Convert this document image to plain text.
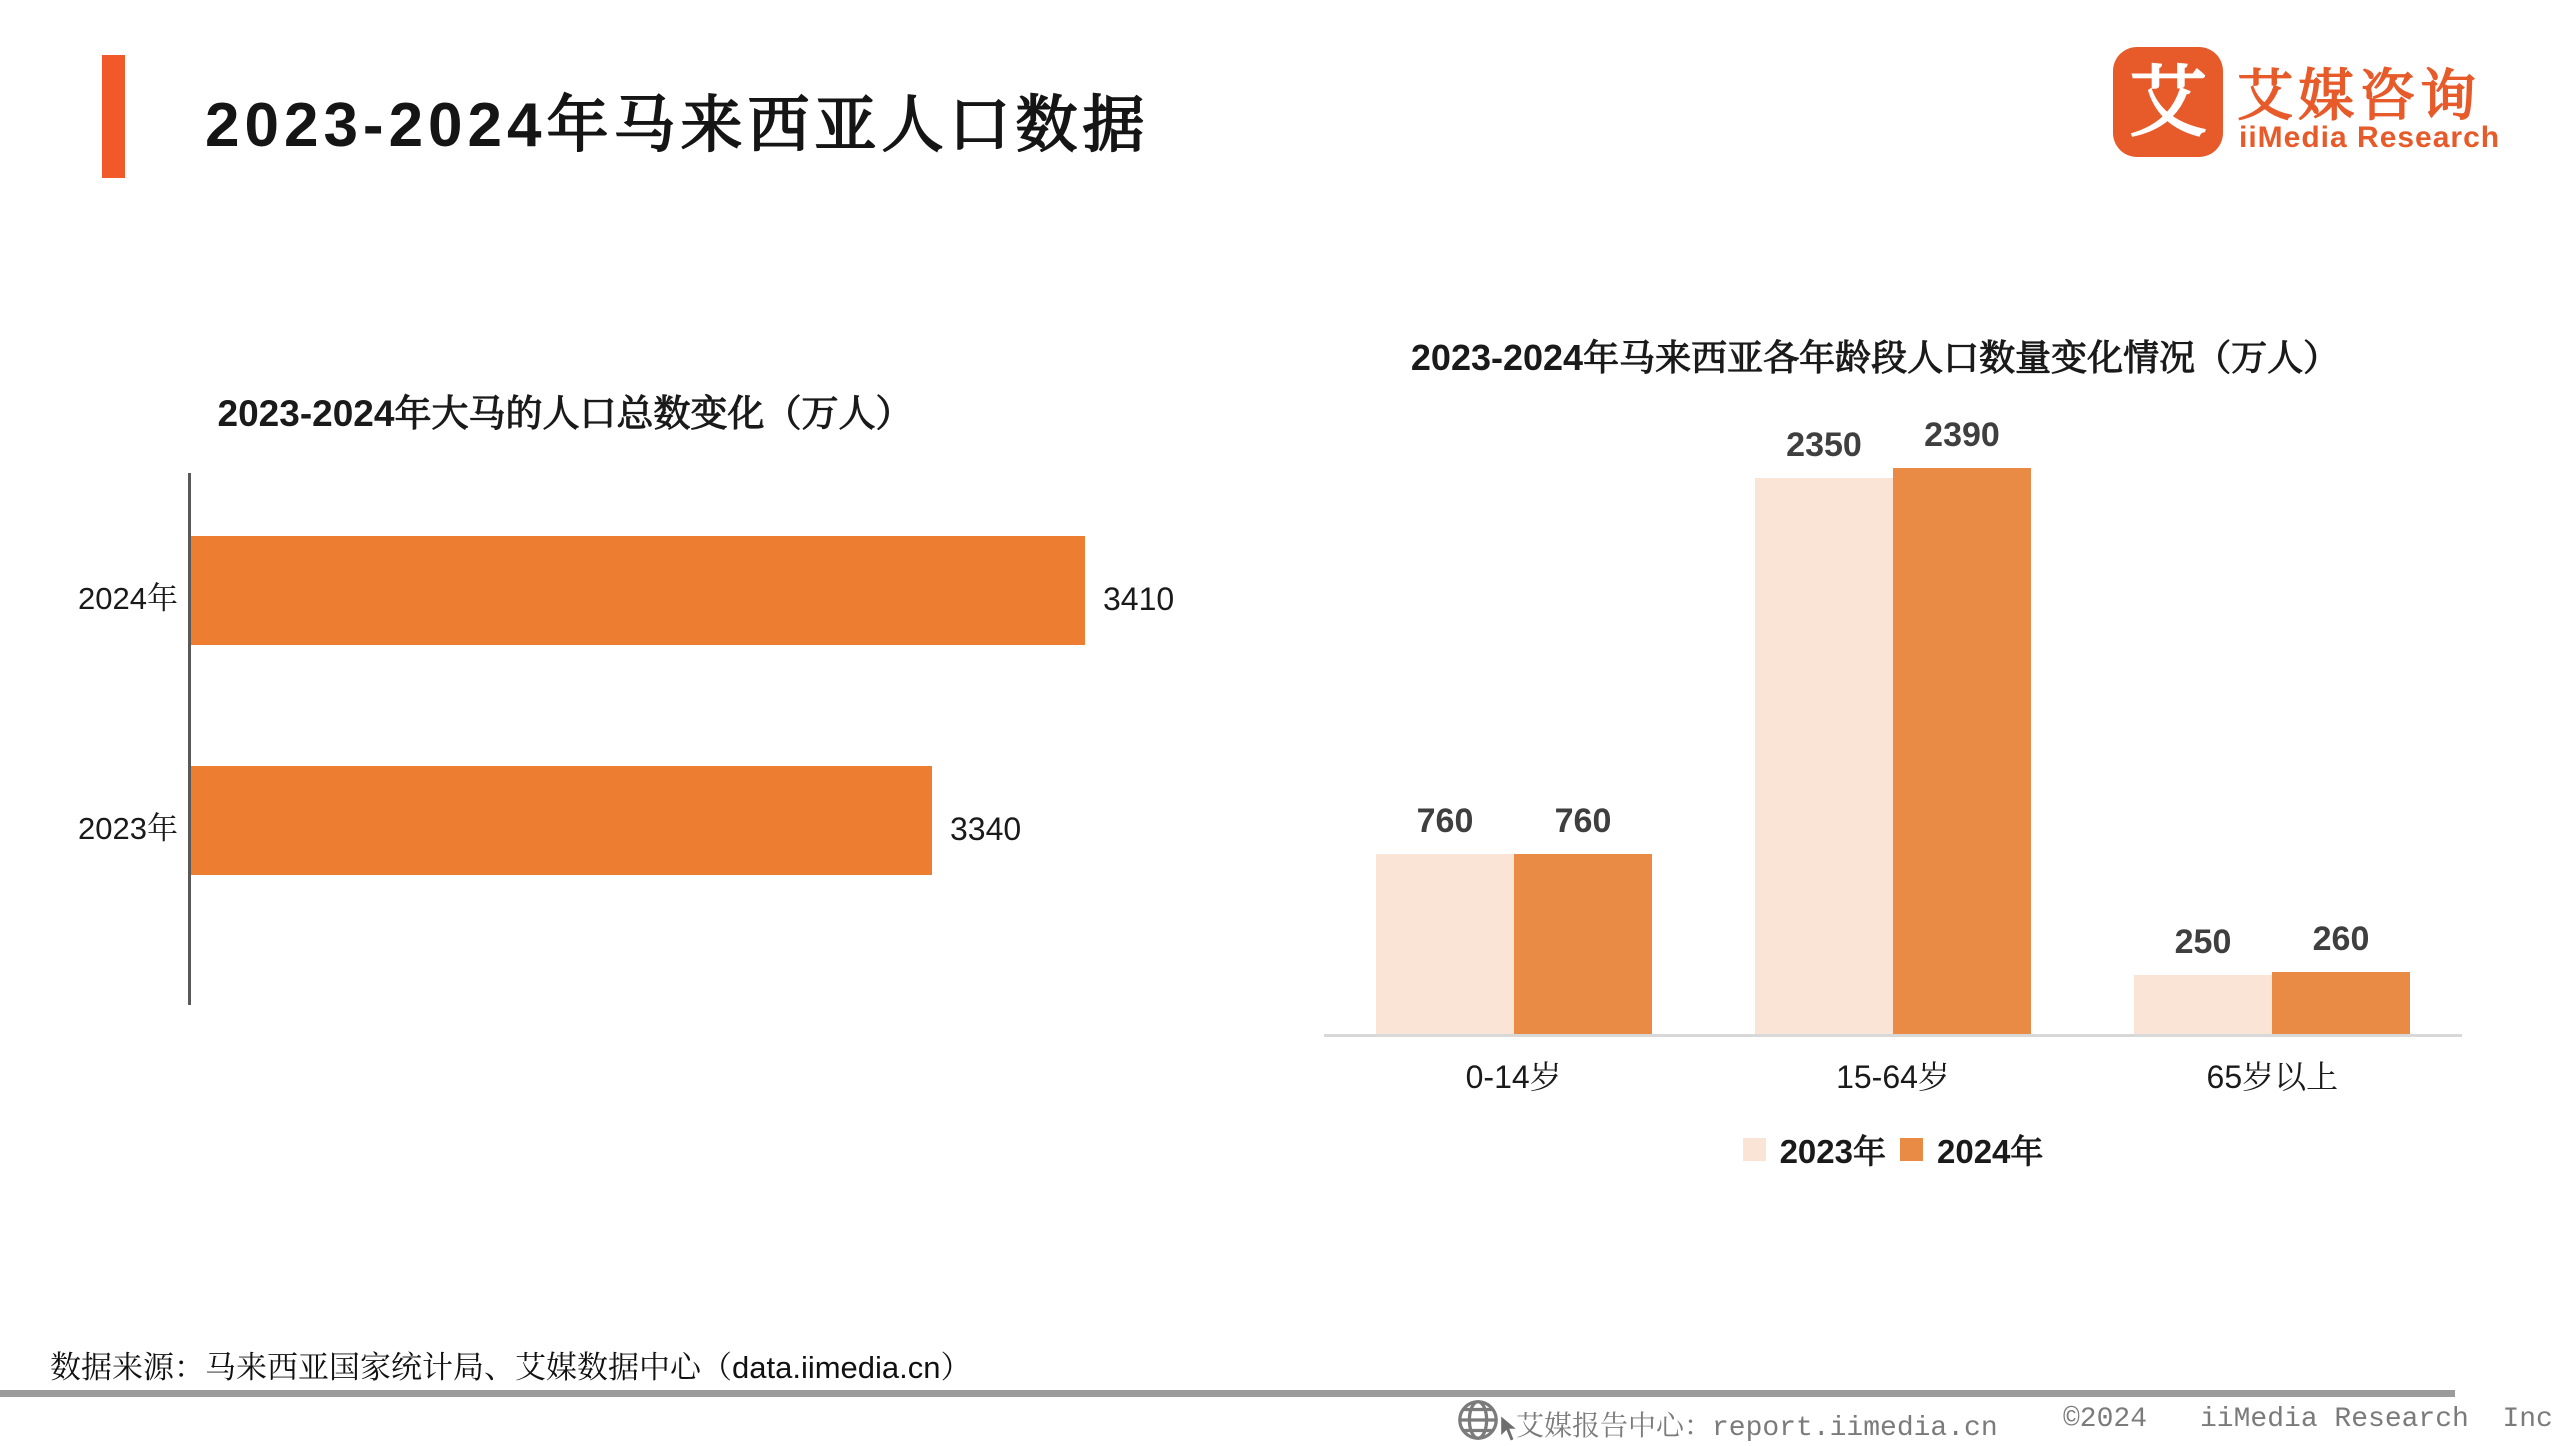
2023-2024年马来西亚人口数据	艾 艾媒咨询
iiMedia Research
2023-2024年大马的人口总数变化（万人）
2024年	3410
2023年	3340
2023-2024年马来西亚各年龄段人口数量变化情况（万人）
760	760
0-14岁
2350	2390
15-64岁
250	260
65岁以上
2023年 2024年
数据来源：马来西亚国家统计局、艾媒数据中心（data.iimedia.cn）
艾媒报告中心：report.iimedia.cn ©2024 iiMedia Research  Inc
